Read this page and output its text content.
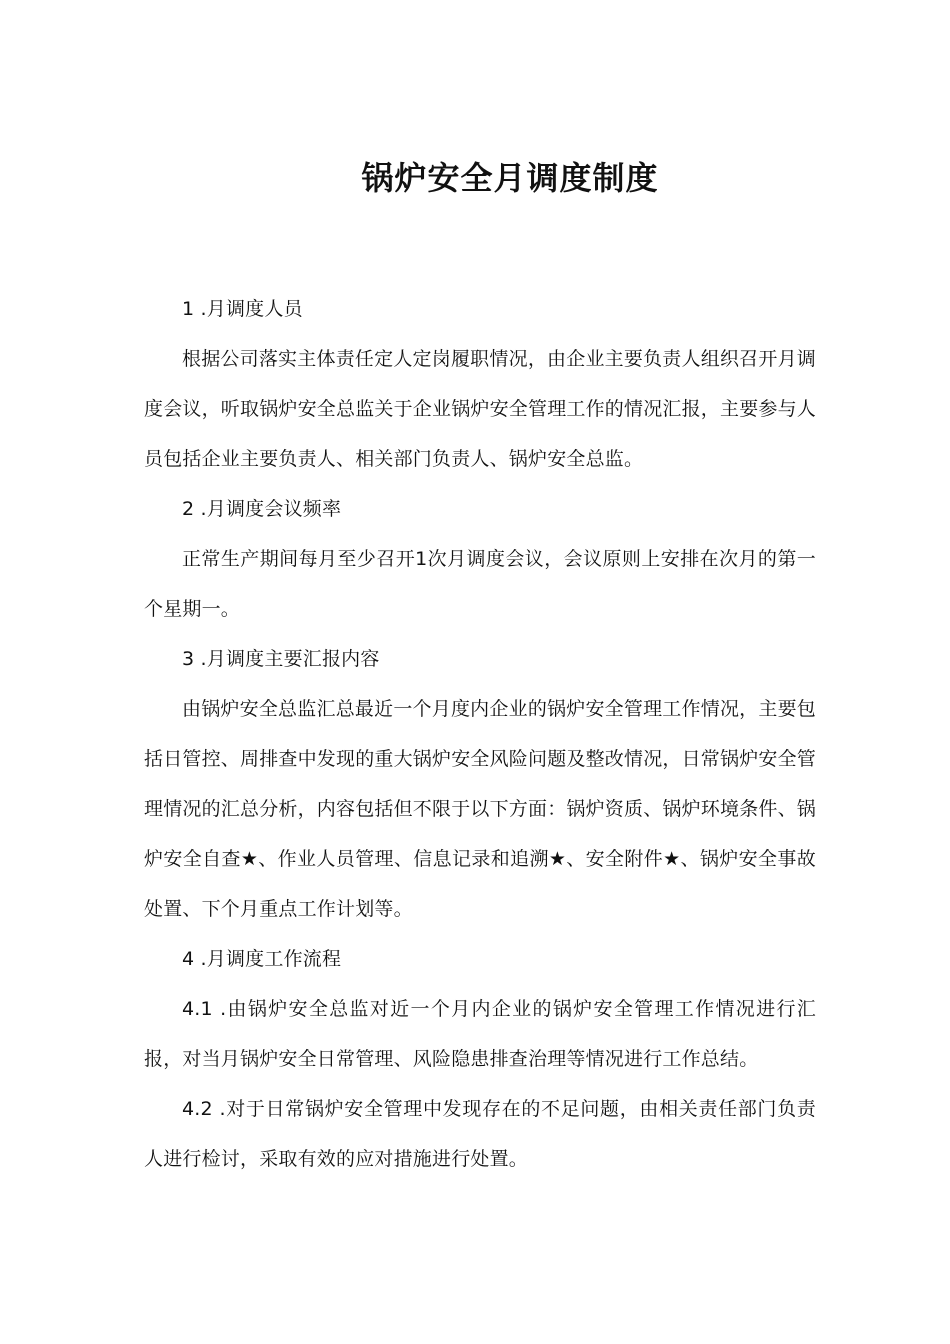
锅炉安全月调度制度

1 .月调度人员

根据公司落实主体责任定人定岗履职情况，由企业主要负责人组织召开月调度会议，听取锅炉安全总监关于企业锅炉安全管理工作的情况汇报，主要参与人员包括企业主要负责人、相关部门负责人、锅炉安全总监。

2 .月调度会议频率

正常生产期间每月至少召开1次月调度会议，会议原则上安排在次月的第一个星期一。

3 .月调度主要汇报内容

由锅炉安全总监汇总最近一个月度内企业的锅炉安全管理工作情况，主要包括日管控、周排查中发现的重大锅炉安全风险问题及整改情况，日常锅炉安全管理情况的汇总分析，内容包括但不限于以下方面：锅炉资质、锅炉环境条件、锅炉安全自查★、作业人员管理、信息记录和追溯★、安全附件★、锅炉安全事故处置、下个月重点工作计划等。

4 .月调度工作流程

4.1 .由锅炉安全总监对近一个月内企业的锅炉安全管理工作情况进行汇报，对当月锅炉安全日常管理、风险隐患排查治理等情况进行工作总结。

4.2 .对于日常锅炉安全管理中发现存在的不足问题，由相关责任部门负责人进行检讨，采取有效的应对措施进行处置。
